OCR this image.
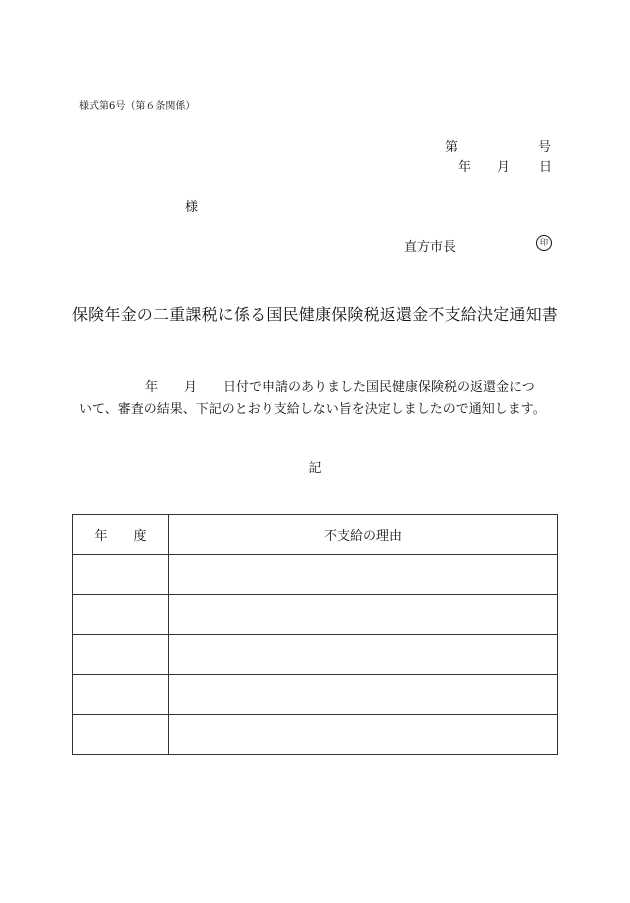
様式第6号（第６条関係）
第	号
年 月 日
様
直方市長	印
保険年金の二重課税に係る国民健康保険税返還金不支給決定通知書
年 月 日付で申請のありました国民健康保険税の返還金につ
いて、審査の結果、下記のとおり支給しない旨を決定しましたので通知します。
記
年　　度	不支給の理由
